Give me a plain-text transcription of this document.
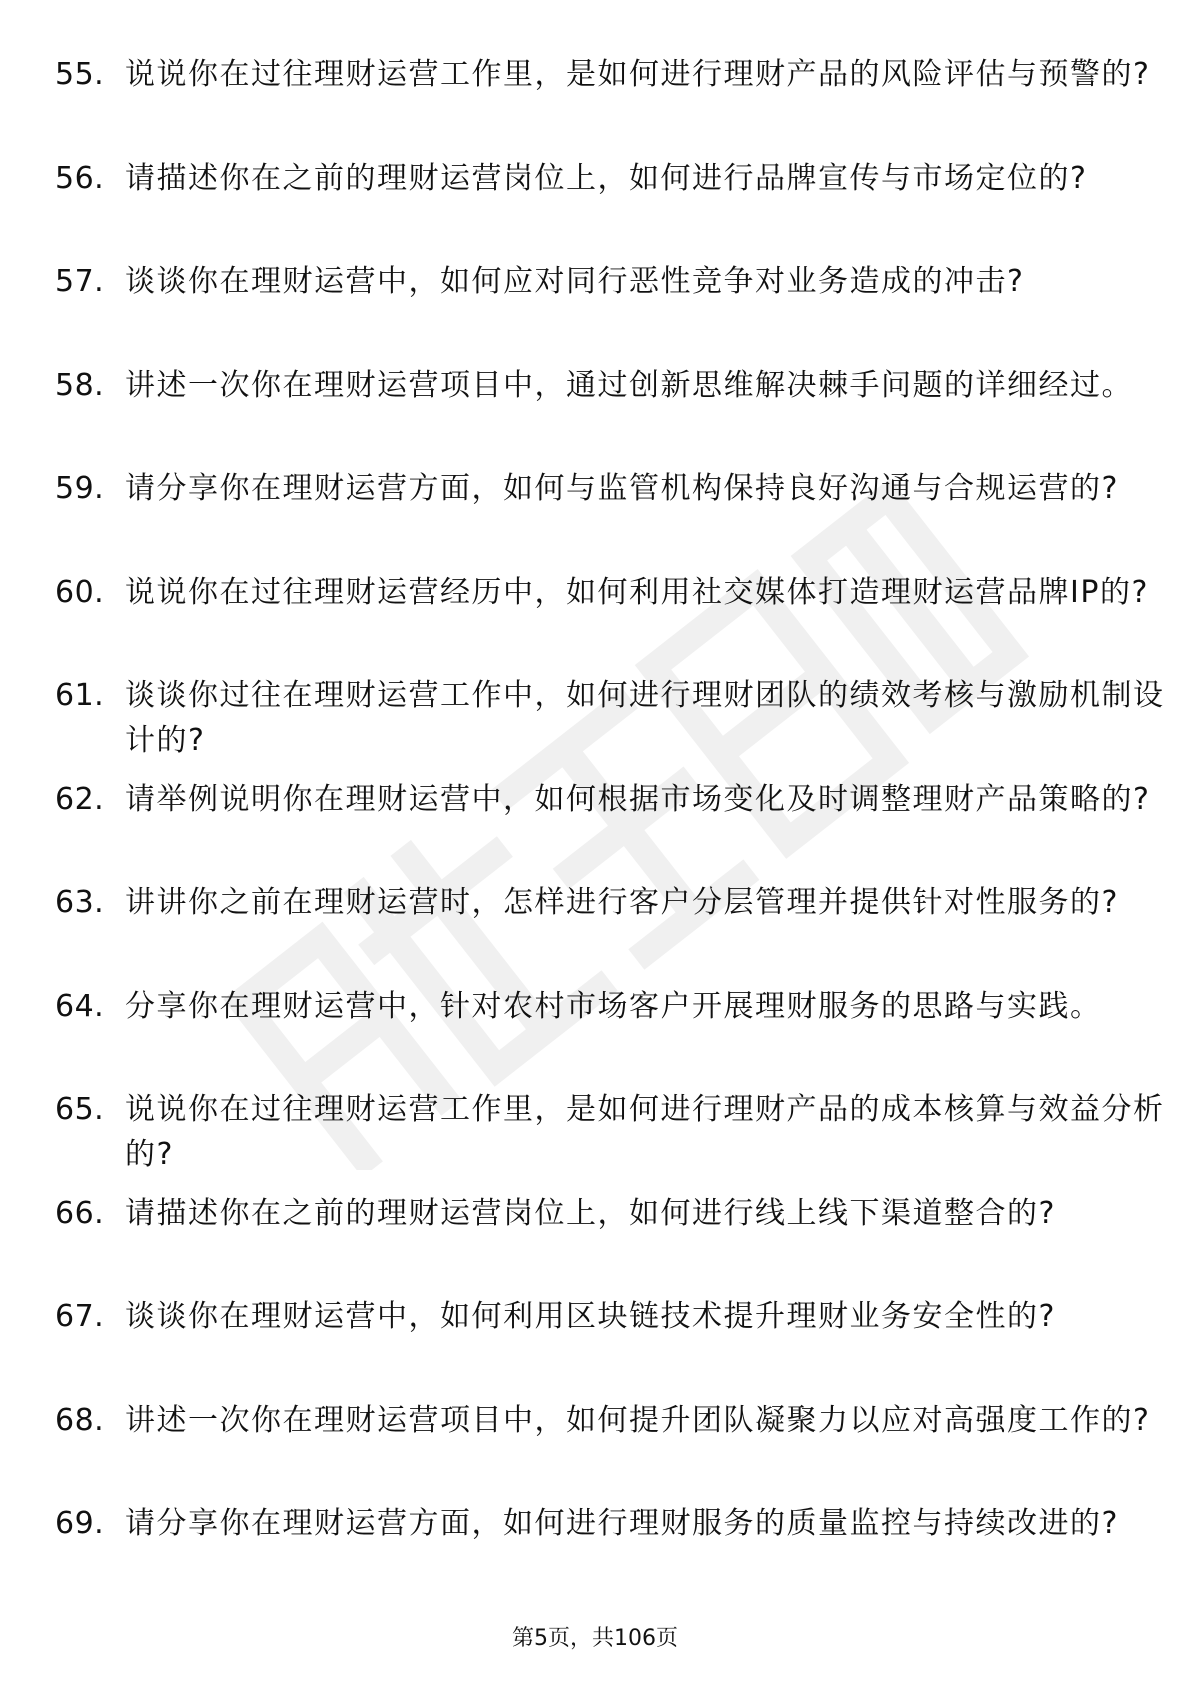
55. 说说你在过往理财运营工作里，是如何进行理财产品的风险评估与预警的?
56. 请描述你在之前的理财运营岗位上，如何进行品牌宣传与市场定位的?
57. 谈谈你在理财运营中，如何应对同行恶性竞争对业务造成的冲击?
58. 讲述一次你在理财运营项目中，通过创新思维解决棘手问题的详细经过。
59. 请分享你在理财运营方面，如何与监管机构保持良好沟通与合规运营的?
60. 说说你在过往理财运营经历中，如何利用社交媒体打造理财运营品牌IP的?
61. 谈谈你过往在理财运营工作中，如何进行理财团队的绩效考核与激励机制设计的?
62. 请举例说明你在理财运营中，如何根据市场变化及时调整理财产品策略的?
63. 讲讲你之前在理财运营时，怎样进行客户分层管理并提供针对性服务的?
64. 分享你在理财运营中，针对农村市场客户开展理财服务的思路与实践。
65. 说说你在过往理财运营工作里，是如何进行理财产品的成本核算与效益分析的?
66. 请描述你在之前的理财运营岗位上，如何进行线上线下渠道整合的?
67. 谈谈你在理财运营中，如何利用区块链技术提升理财业务安全性的?
68. 讲述一次你在理财运营项目中，如何提升团队凝聚力以应对高强度工作的?
69. 请分享你在理财运营方面，如何进行理财服务的质量监控与持续改进的?
第5页，共106页
